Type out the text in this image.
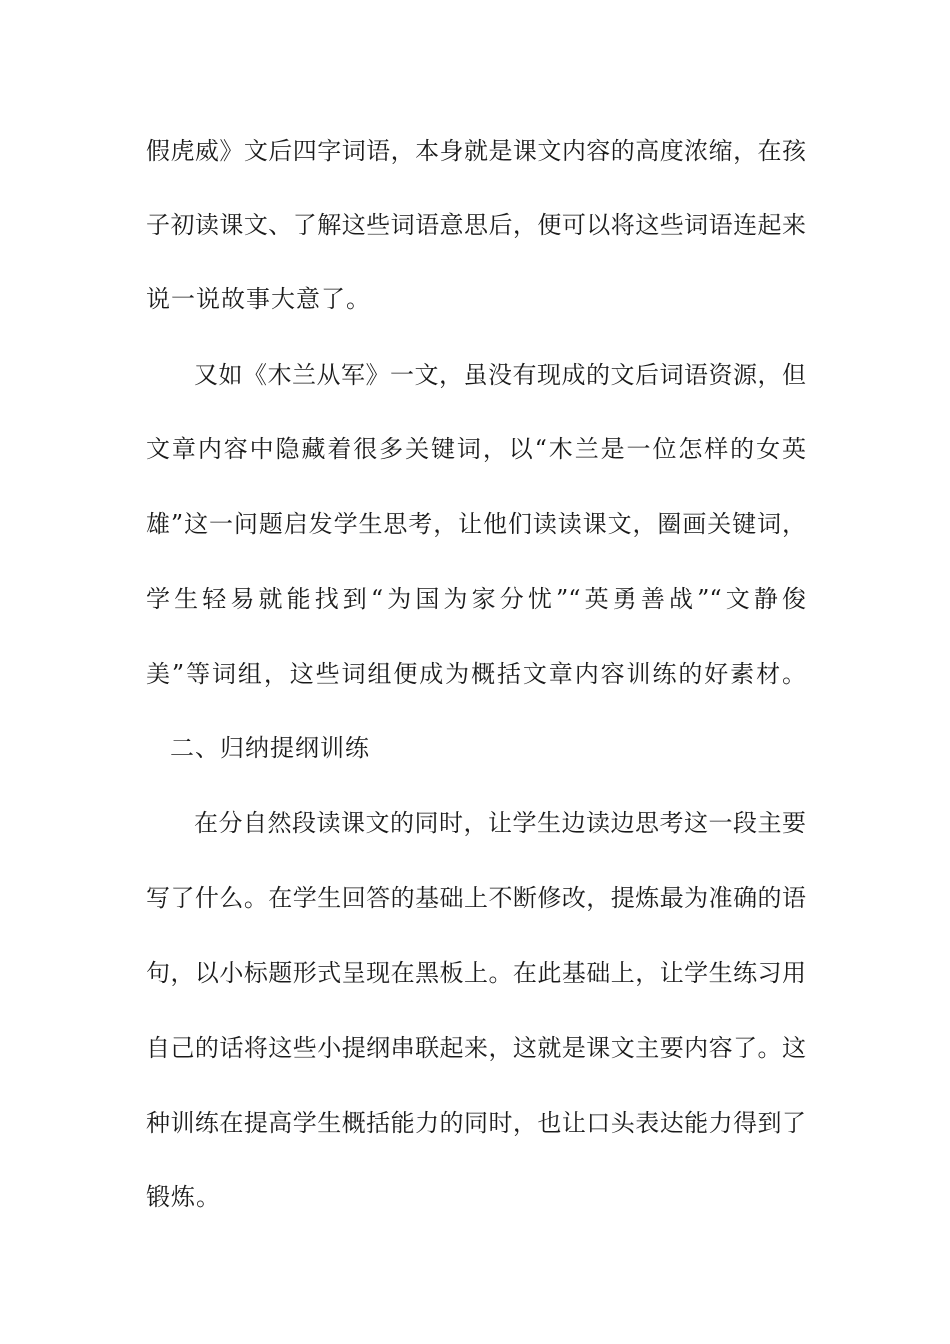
假虎威》文后四字词语，本身就是课文内容的高度浓缩，在孩
子初读课文、了解这些词语意思后，便可以将这些词语连起来
说一说故事大意了。
又如《木兰从军》一文，虽没有现成的文后词语资源，但
文章内容中隐藏着很多关键词，以“木兰是一位怎样的女英
雄”这一问题启发学生思考，让他们读读课文，圈画关键词，
学生轻易就能找到“为国为家分忧”“英勇善战”“文静俊
美”等词组，这些词组便成为概括文章内容训练的好素材。
二、归纳提纲训练
在分自然段读课文的同时，让学生边读边思考这一段主要
写了什么。在学生回答的基础上不断修改，提炼最为准确的语
句，以小标题形式呈现在黑板上。在此基础上，让学生练习用
自己的话将这些小提纲串联起来，这就是课文主要内容了。这
种训练在提高学生概括能力的同时，也让口头表达能力得到了
锻炼。
